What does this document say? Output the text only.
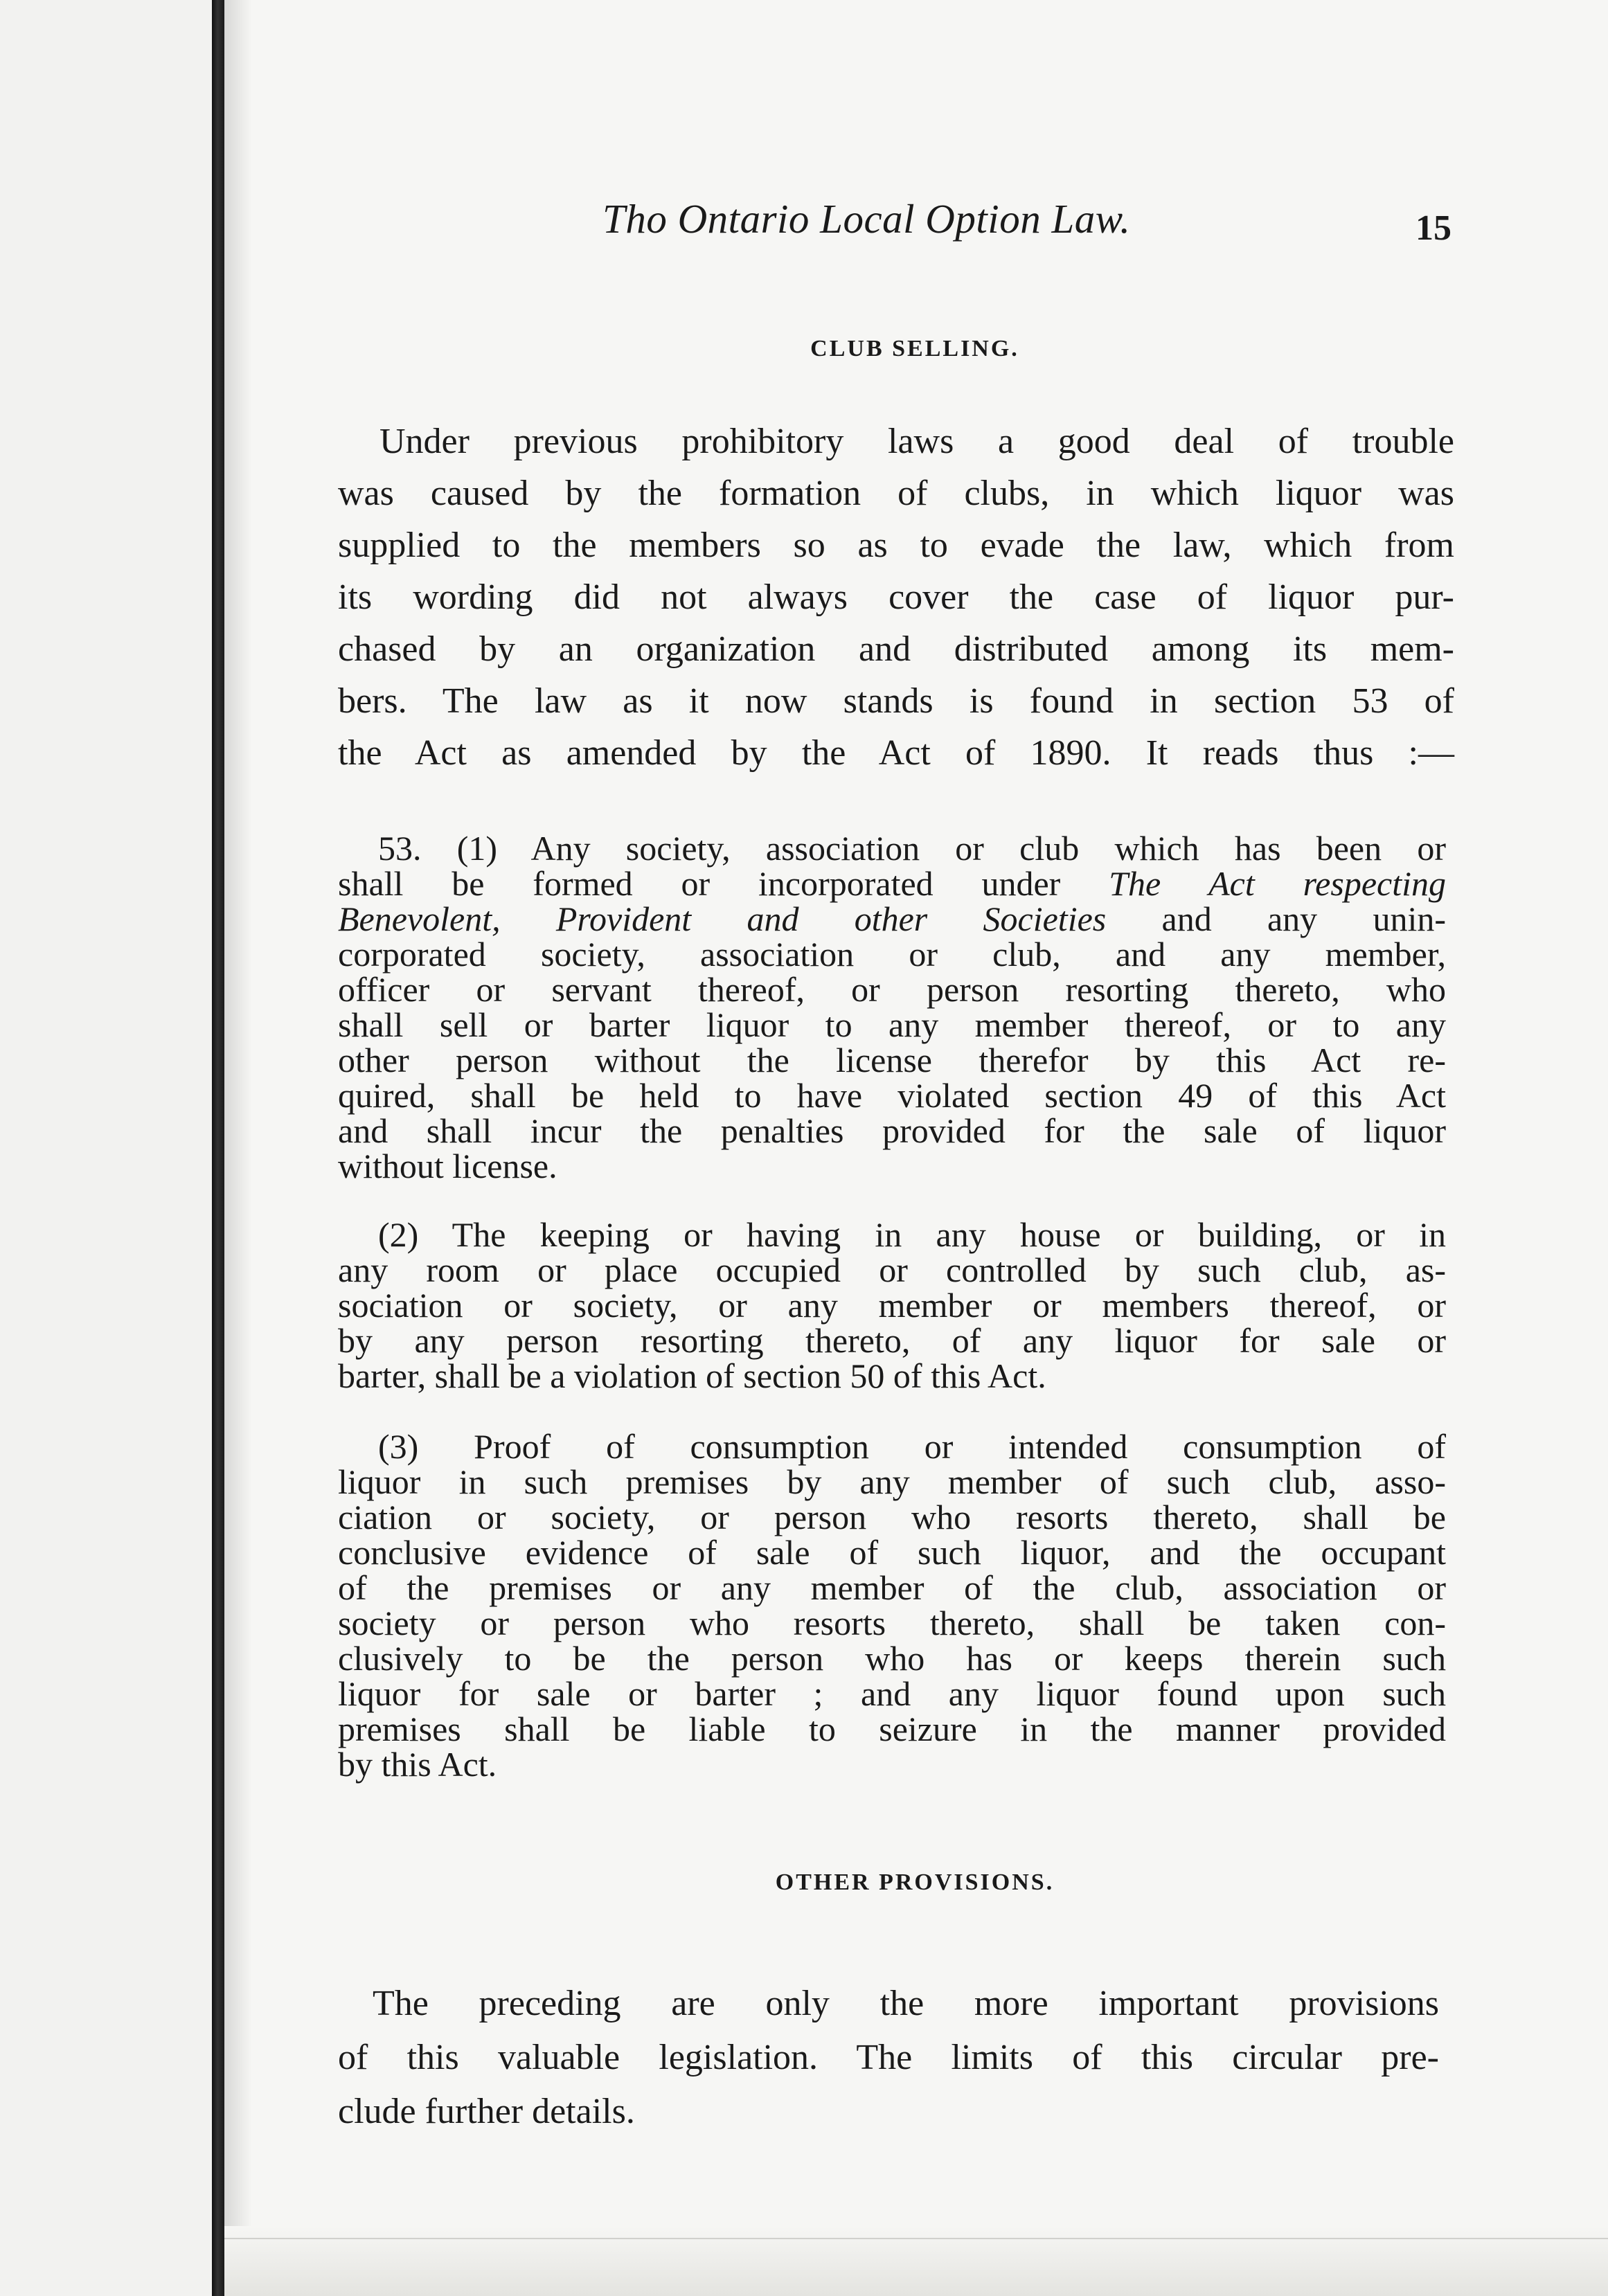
Tho Ontario Local Option Law.	15
CLUB SELLING.
Under previous prohibitory laws a good deal of trouble
was caused by the formation of clubs, in which liquor was
supplied to the members so as to evade the law, which from
its wording did not always cover the case of liquor pur-
chased by an organization and distributed among its mem-
bers. The law as it now stands is found in section 53 of
the Act as amended by the Act of 1890. It reads thus :—
53. (1) Any society, association or club which has been or
shall be formed or incorporated under The Act respecting
Benevolent, Provident and other Societies and any unin-
corporated society, association or club, and any member,
officer or servant thereof, or person resorting thereto, who
shall sell or barter liquor to any member thereof, or to any
other person without the license therefor by this Act re-
quired, shall be held to have violated section 49 of this Act
and shall incur the penalties provided for the sale of liquor
without license.
(2) The keeping or having in any house or building, or in
any room or place occupied or controlled by such club, as-
sociation or society, or any member or members thereof, or
by any person resorting thereto, of any liquor for sale or
barter, shall be a violation of section 50 of this Act.
(3) Proof of consumption or intended consumption of
liquor in such premises by any member of such club, asso-
ciation or society, or person who resorts thereto, shall be
conclusive evidence of sale of such liquor, and the occupant
of the premises or any member of the club, association or
society or person who resorts thereto, shall be taken con-
clusively to be the person who has or keeps therein such
liquor for sale or barter ; and any liquor found upon such
premises shall be liable to seizure in the manner provided
by this Act.
OTHER PROVISIONS.
The preceding are only the more important provisions
of this valuable legislation. The limits of this circular pre-
clude further details.
